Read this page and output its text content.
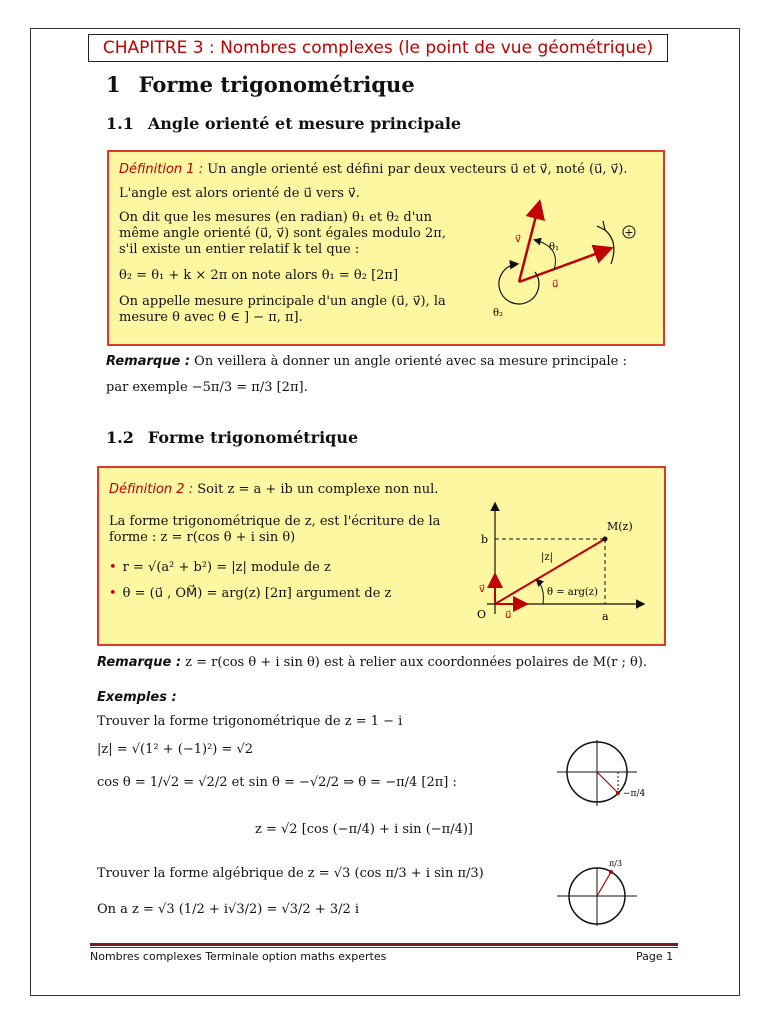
CHAPITRE 3 : Nombres complexes (le point de vue géométrique)
1 Forme trigonométrique
1.1 Angle orienté et mesure principale
Définition 1 : Un angle orienté est défini par deux vecteurs u⃗ et v⃗, noté (u⃗, v⃗).
L'angle est alors orienté de u⃗ vers v⃗.
On dit que les mesures (en radian) θ₁ et θ₂ d'un
même angle orienté (u⃗, v⃗) sont égales modulo 2π,
s'il existe un entier relatif k tel que :
θ₂ = θ₁ + k × 2π on note alors θ₁ = θ₂ [2π]
On appelle mesure principale d'un angle (u⃗, v⃗), la
mesure θ avec θ ∈ ] − π, π].
+
v⃗
θ₁
u⃗
θ₂
Remarque : On veillera à donner un angle orienté avec sa mesure principale :
par exemple −5π/3 = π/3 [2π].
1.2 Forme trigonométrique
Définition 2 : Soit z = a + ib un complexe non nul.
La forme trigonométrique de z, est l'écriture de la
forme : z = r(cos θ + i sin θ)
• r = √(a² + b²) = |z| module de z
• θ = (u⃗ , OM⃗) = arg(z) [2π] argument de z
M(z)
b
|z|
θ = arg(z)
O u⃗
v⃗
a
Remarque : z = r(cos θ + i sin θ) est à relier aux coordonnées polaires de M(r ; θ).
Exemples :
Trouver la forme trigonométrique de z = 1 − i
|z| = √(1² + (−1)²) = √2
cos θ = 1/√2 = √2/2 et sin θ = −√2/2 ⇒ θ = −π/4 [2π] :
z = √2 [cos (−π/4) + i sin (−π/4)]
−π/4
Trouver la forme algébrique de z = √3 (cos π/3 + i sin π/3)
On a z = √3 (1/2 + i√3/2) = √3/2 + 3/2 i
π/3
Nombres complexes Terminale option maths expertes	Page 1
